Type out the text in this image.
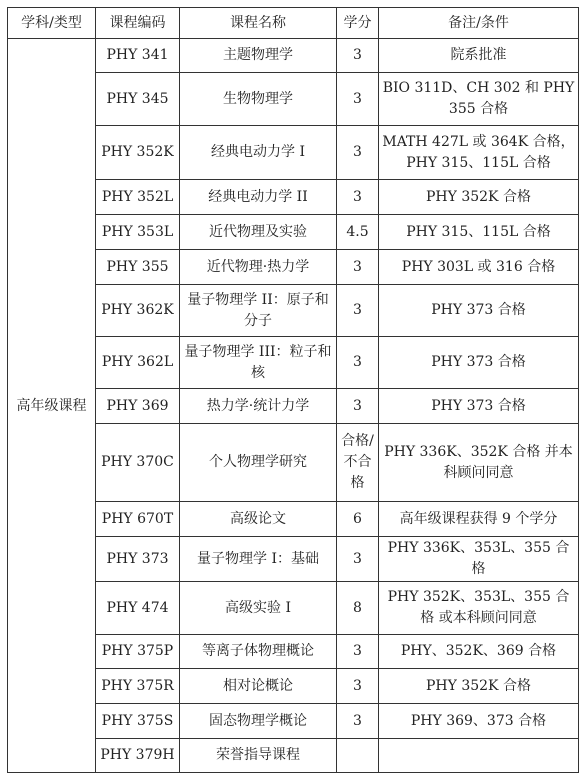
学科/类型	课程编码	课程名称	学分	备注/条件
高年级课程	PHY 341	主题物理学	3	院系批准
	PHY 345	生物物理学	3	BIO 311D、CH 302 和 PHY 355 合格
	PHY 352K	经典电动力学 I	3	MATH 427L 或 364K 合格，PHY 315、115L 合格
	PHY 352L	经典电动力学 II	3	PHY 352K 合格
	PHY 353L	近代物理及实验	4.5	PHY 315、115L 合格
	PHY 355	近代物理·热力学	3	PHY 303L 或 316 合格
	PHY 362K	量子物理学 II：原子和分子	3	PHY 373 合格
	PHY 362L	量子物理学 III：粒子和核	3	PHY 373 合格
	PHY 369	热力学·统计力学	3	PHY 373 合格
	PHY 370C	个人物理学研究	合格/不合格	PHY 336K、352K 合格 并本科顾问同意
	PHY 670T	高级论文	6	高年级课程获得 9 个学分
	PHY 373	量子物理学 I：基础	3	PHY 336K、353L、355 合格
	PHY 474	高级实验 I	8	PHY 352K、353L、355 合格 或本科顾问同意
	PHY 375P	等离子体物理概论	3	PHY、352K、369 合格
	PHY 375R	相对论概论	3	PHY 352K 合格
	PHY 375S	固态物理学概论	3	PHY 369、373 合格
	PHY 379H	荣誉指导课程		
